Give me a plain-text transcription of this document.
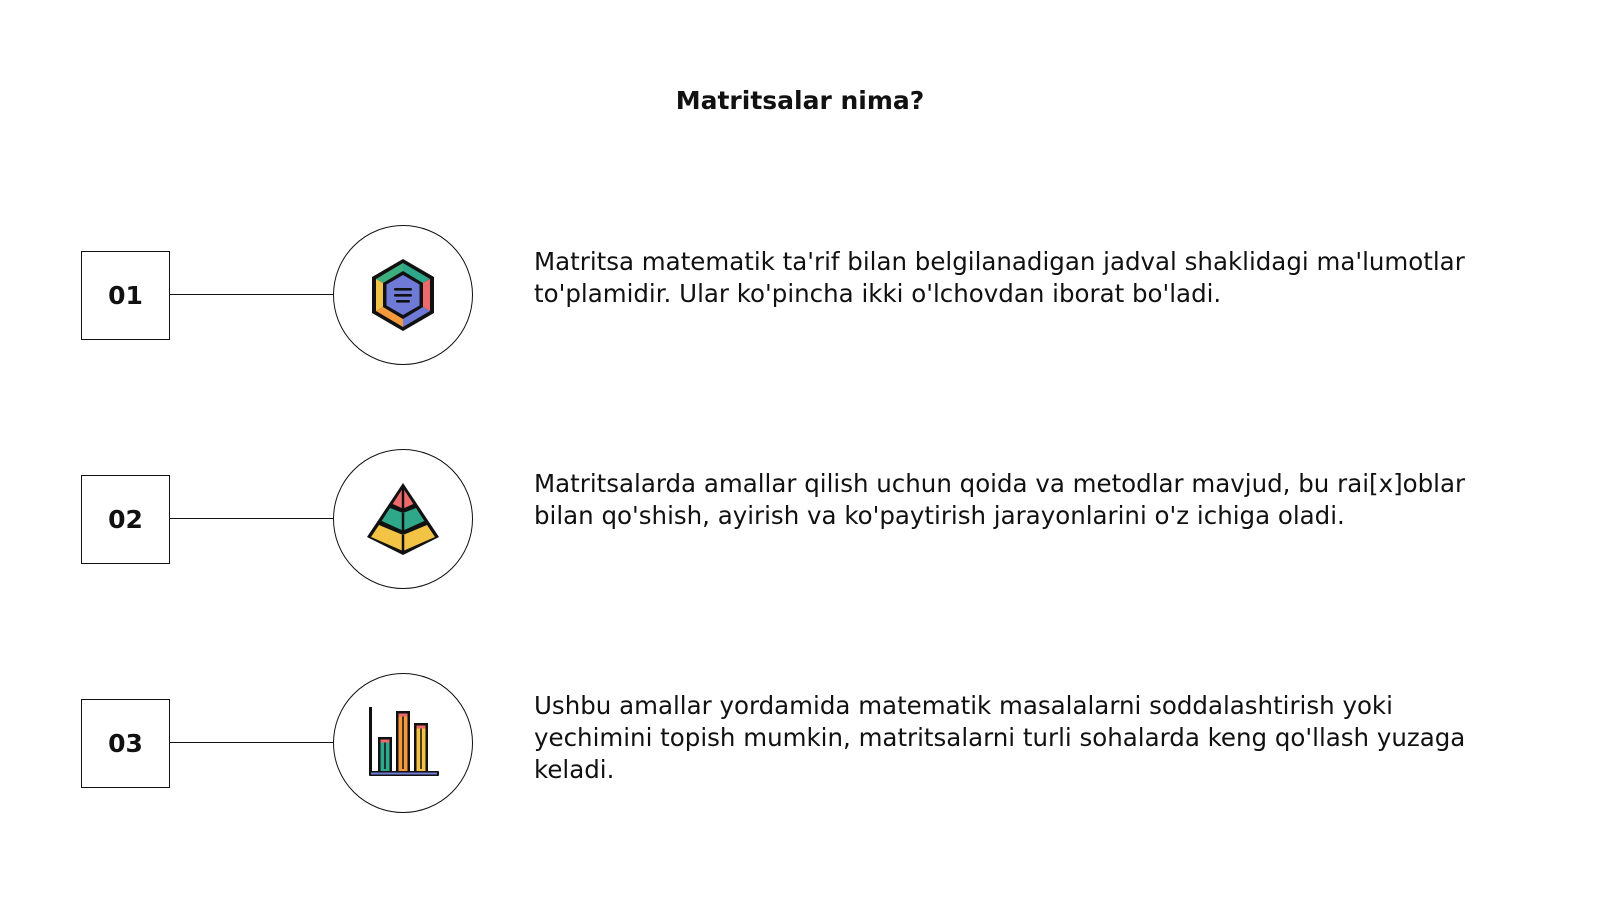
Matritsalar nima?
01

Matritsa matematik ta'rif bilan belgilanadigan jadval shaklidagi ma'lumotlar to'plamidir. Ular ko'pincha ikki o'lchovdan iborat bo'ladi.

02

Matritsalarda amallar qilish uchun qoida va metodlar mavjud, bu rai[x]oblar bilan qo'shish, ayirish va ko'paytirish jarayonlarini o'z ichiga oladi.

03

Ushbu amallar yordamida matematik masalalarni soddalashtirish yoki yechimini topish mumkin, matritsalarni turli sohalarda keng qo'llash yuzaga keladi.
